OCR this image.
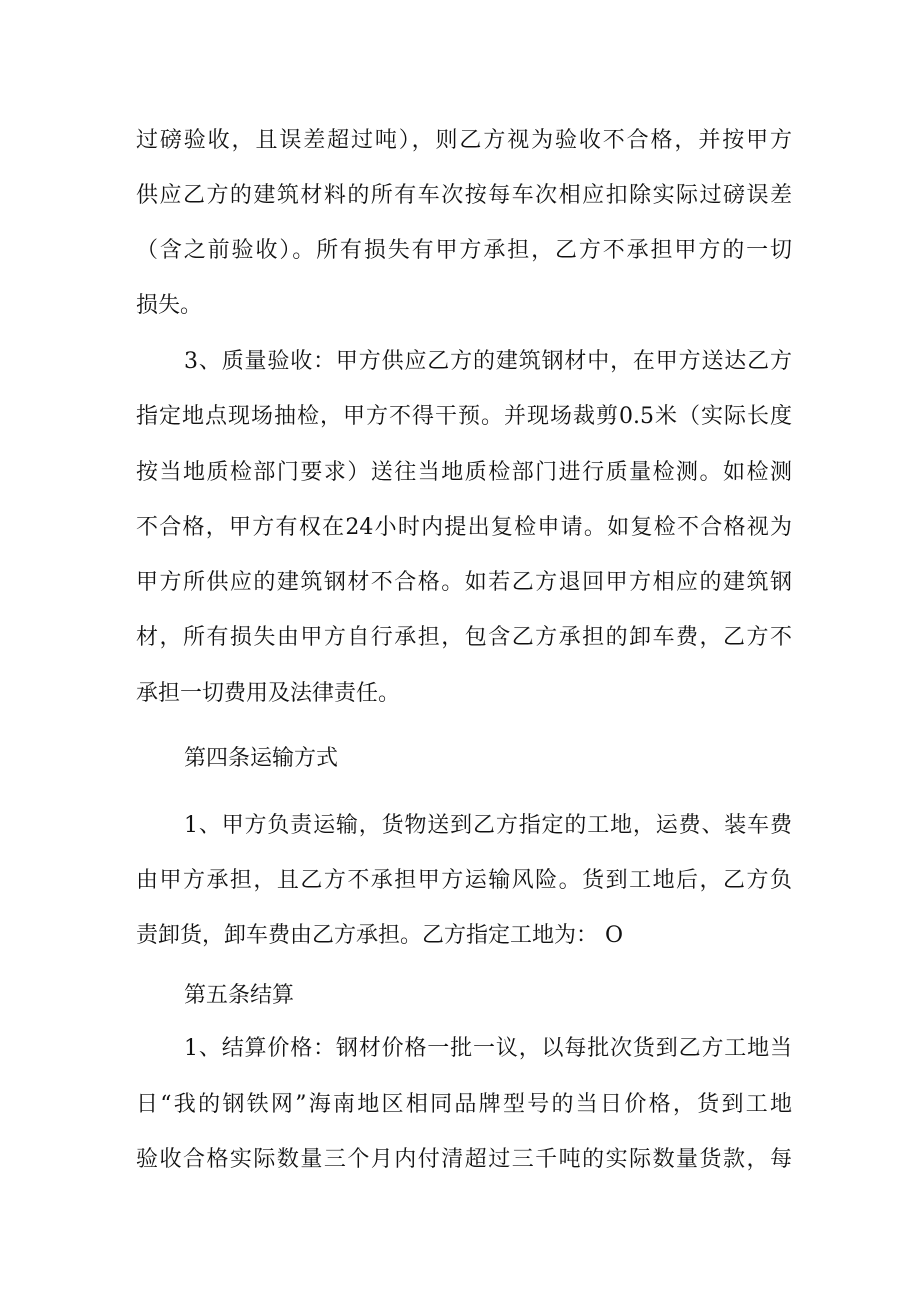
过磅验收，且误差超过吨），则乙方视为验收不合格，并按甲方
供应乙方的建筑材料的所有车次按每车次相应扣除实际过磅误差
（含之前验收）。所有损失有甲方承担，乙方不承担甲方的一切
损失。
3、质量验收：甲方供应乙方的建筑钢材中，在甲方送达乙方
指定地点现场抽检，甲方不得干预。并现场裁剪0.5米（实际长度
按当地质检部门要求）送往当地质检部门进行质量检测。如检测
不合格，甲方有权在24小时内提出复检申请。如复检不合格视为
甲方所供应的建筑钢材不合格。如若乙方退回甲方相应的建筑钢
材，所有损失由甲方自行承担，包含乙方承担的卸车费，乙方不
承担一切费用及法律责任。
第四条运输方式
1、甲方负责运输，货物送到乙方指定的工地，运费、装车费
由甲方承担，且乙方不承担甲方运输风险。货到工地后，乙方负
责卸货，卸车费由乙方承担。乙方指定工地为： O
第五条结算
1、结算价格：钢材价格一批一议，以每批次货到乙方工地当
日“我的钢铁网”海南地区相同品牌型号的当日价格，货到工地
验收合格实际数量三个月内付清超过三千吨的实际数量货款，每
